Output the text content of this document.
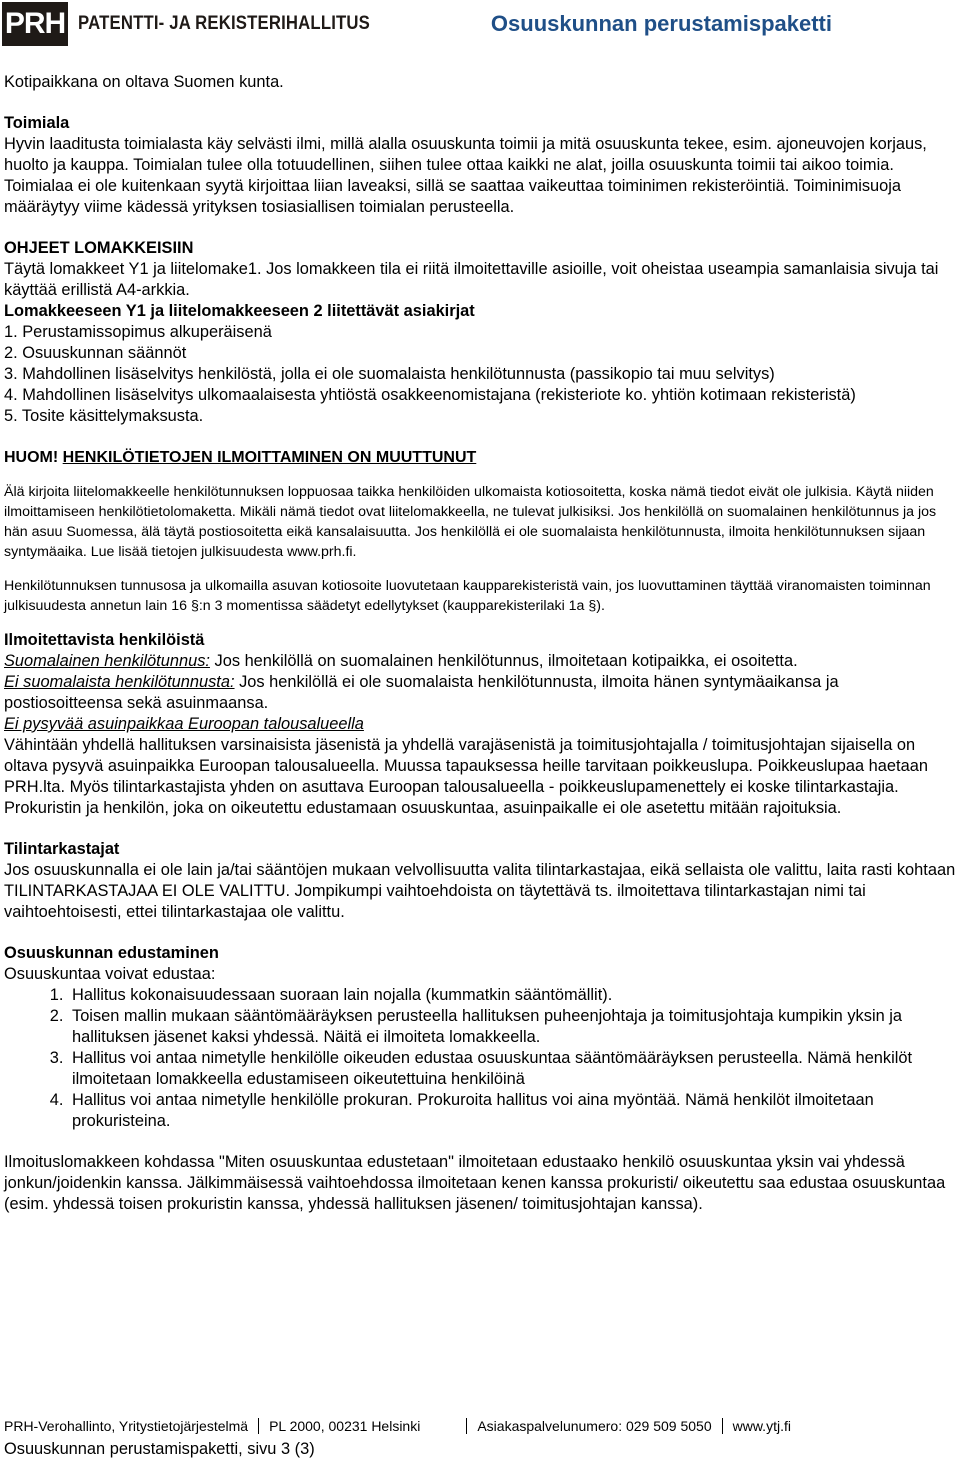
PRH PATENTTI- JA REKISTERIHALLITUS	Osuuskunnan perustamispaketti

Kotipaikkana on oltava Suomen kunta.

Toimiala

Hyvin laaditusta toimialasta käy selvästi ilmi, millä alalla osuuskunta toimii ja mitä osuuskunta tekee, esim. ajoneuvojen korjaus, huolto ja kauppa. Toimialan tulee olla totuudellinen, siihen tulee ottaa kaikki ne alat, joilla osuuskunta toimii tai aikoo toimia. Toimialaa ei ole kuitenkaan syytä kirjoittaa liian laveaksi, sillä se saattaa vaikeuttaa toiminimen rekisteröintiä. Toiminimisuoja määräytyy viime kädessä yrityksen tosiasiallisen toimialan perusteella.

OHJEET LOMAKKEISIIN

Täytä lomakkeet Y1 ja liitelomake1. Jos lomakkeen tila ei riitä ilmoitettaville asioille, voit oheistaa useampia samanlaisia sivuja tai käyttää erillistä A4-arkkia.

Lomakkeeseen Y1 ja liitelomakkeeseen 2 liitettävät asiakirjat

1. Perustamissopimus alkuperäisenä

2. Osuuskunnan säännöt

3. Mahdollinen lisäselvitys henkilöstä, jolla ei ole suomalaista henkilötunnusta (passikopio tai muu selvitys)

4. Mahdollinen lisäselvitys ulkomaalaisesta yhtiöstä osakkeenomistajana (rekisteriote ko. yhtiön kotimaan rekisteristä)

5. Tosite käsittelymaksusta.

HUOM! HENKILÖTIETOJEN ILMOITTAMINEN ON MUUTTUNUT

Älä kirjoita liitelomakkeelle henkilötunnuksen loppuosaa taikka henkilöiden ulkomaista kotiosoitetta, koska nämä tiedot eivät ole julkisia. Käytä niiden ilmoittamiseen henkilötietolomaketta. Mikäli nämä tiedot ovat liitelomakkeella, ne tulevat julkisiksi. Jos henkilöllä on suomalainen henkilötunnus ja jos hän asuu Suomessa, älä täytä postiosoitetta eikä kansalaisuutta. Jos henkilöllä ei ole suomalaista henkilötunnusta, ilmoita henkilötunnuksen sijaan syntymäaika. Lue lisää tietojen julkisuudesta www.prh.fi.

Henkilötunnuksen tunnusosa ja ulkomailla asuvan kotiosoite luovutetaan kaupparekisteristä vain, jos luovuttaminen täyttää viranomaisten toiminnan julkisuudesta annetun lain 16 §:n 3 momentissa säädetyt edellytykset (kaupparekisterilaki 1a §).

Ilmoitettavista henkilöistä

Suomalainen henkilötunnus: Jos henkilöllä on suomalainen henkilötunnus, ilmoitetaan kotipaikka, ei osoitetta.

Ei suomalaista henkilötunnusta: Jos henkilöllä ei ole suomalaista henkilötunnusta, ilmoita hänen syntymäaikansa ja postiosoitteensa sekä asuinmaansa.

Ei pysyvää asuinpaikkaa Euroopan talousalueella

Vähintään yhdellä hallituksen varsinaisista jäsenistä ja yhdellä varajäsenistä ja toimitusjohtajalla / toimitusjohtajan sijaisella on oltava pysyvä asuinpaikka Euroopan talousalueella. Muussa tapauksessa heille tarvitaan poikkeuslupa. Poikkeuslupaa haetaan PRH.lta. Myös tilintarkastajista yhden on asuttava Euroopan talousalueella - poikkeuslupamenettely ei koske tilintarkastajia. Prokuristin ja henkilön, joka on oikeutettu edustamaan osuuskuntaa, asuinpaikalle ei ole asetettu mitään rajoituksia.

Tilintarkastajat

Jos osuuskunnalla ei ole lain ja/tai sääntöjen mukaan velvollisuutta valita tilintarkastajaa, eikä sellaista ole valittu, laita rasti kohtaan TILINTARKASTAJAA EI OLE VALITTU. Jompikumpi vaihtoehdoista on täytettävä ts. ilmoitettava tilintarkastajan nimi tai vaihtoehtoisesti, ettei tilintarkastajaa ole valittu.

Osuuskunnan edustaminen

Osuuskuntaa voivat edustaa:

1. Hallitus kokonaisuudessaan suoraan lain nojalla (kummatkin sääntömällit).
2. Toisen mallin mukaan sääntömääräyksen perusteella hallituksen puheenjohtaja ja toimitusjohtaja kumpikin yksin ja hallituksen jäsenet kaksi yhdessä. Näitä ei ilmoiteta lomakkeella.
3. Hallitus voi antaa nimetylle henkilölle oikeuden edustaa osuuskuntaa sääntömääräyksen perusteella. Nämä henkilöt ilmoitetaan lomakkeella edustamiseen oikeutettuina henkilöinä
4. Hallitus voi antaa nimetylle henkilölle prokuran. Prokuroita hallitus voi aina myöntää. Nämä henkilöt ilmoitetaan prokuristeina.

Ilmoituslomakkeen kohdassa "Miten osuuskuntaa edustetaan" ilmoitetaan edustaako henkilö osuuskuntaa yksin vai yhdessä jonkun/joidenkin kanssa. Jälkimmäisessä vaihtoehdossa ilmoitetaan kenen kanssa prokuristi/ oikeutettu saa edustaa osuuskuntaa (esim. yhdessä toisen prokuristin kanssa, yhdessä hallituksen jäsenen/ toimitusjohtajan kanssa).

PRH-Verohallinto, Yritystietojärjestelmä PL 2000, 00231 Helsinki	Asiakaspalvelunumero: 029 509 5050 www.ytj.fi
Osuuskunnan perustamispaketti, sivu 3 (3)
